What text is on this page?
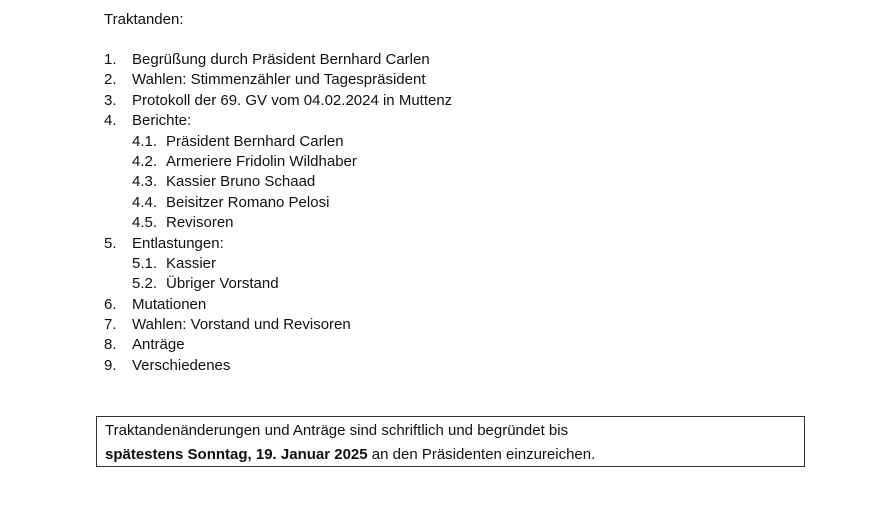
Traktanden:
1.	Begrüßung durch Präsident Bernhard Carlen
2.	Wahlen: Stimmenzähler und Tagespräsident
3.	Protokoll der 69. GV vom 04.02.2024 in Muttenz
4.	Berichte:
4.1. Präsident Bernhard Carlen
4.2. Armeriere Fridolin Wildhaber
4.3. Kassier Bruno Schaad
4.4. Beisitzer Romano Pelosi
4.5. Revisoren
5.	Entlastungen:
5.1. Kassier
5.2. Übriger Vorstand
6.	Mutationen
7.	Wahlen: Vorstand und Revisoren
8.	Anträge
9.	Verschiedenes
Traktandenänderungen und Anträge sind schriftlich und begründet bis
spätestens Sonntag, 19. Januar 2025 an den Präsidenten einzureichen.
